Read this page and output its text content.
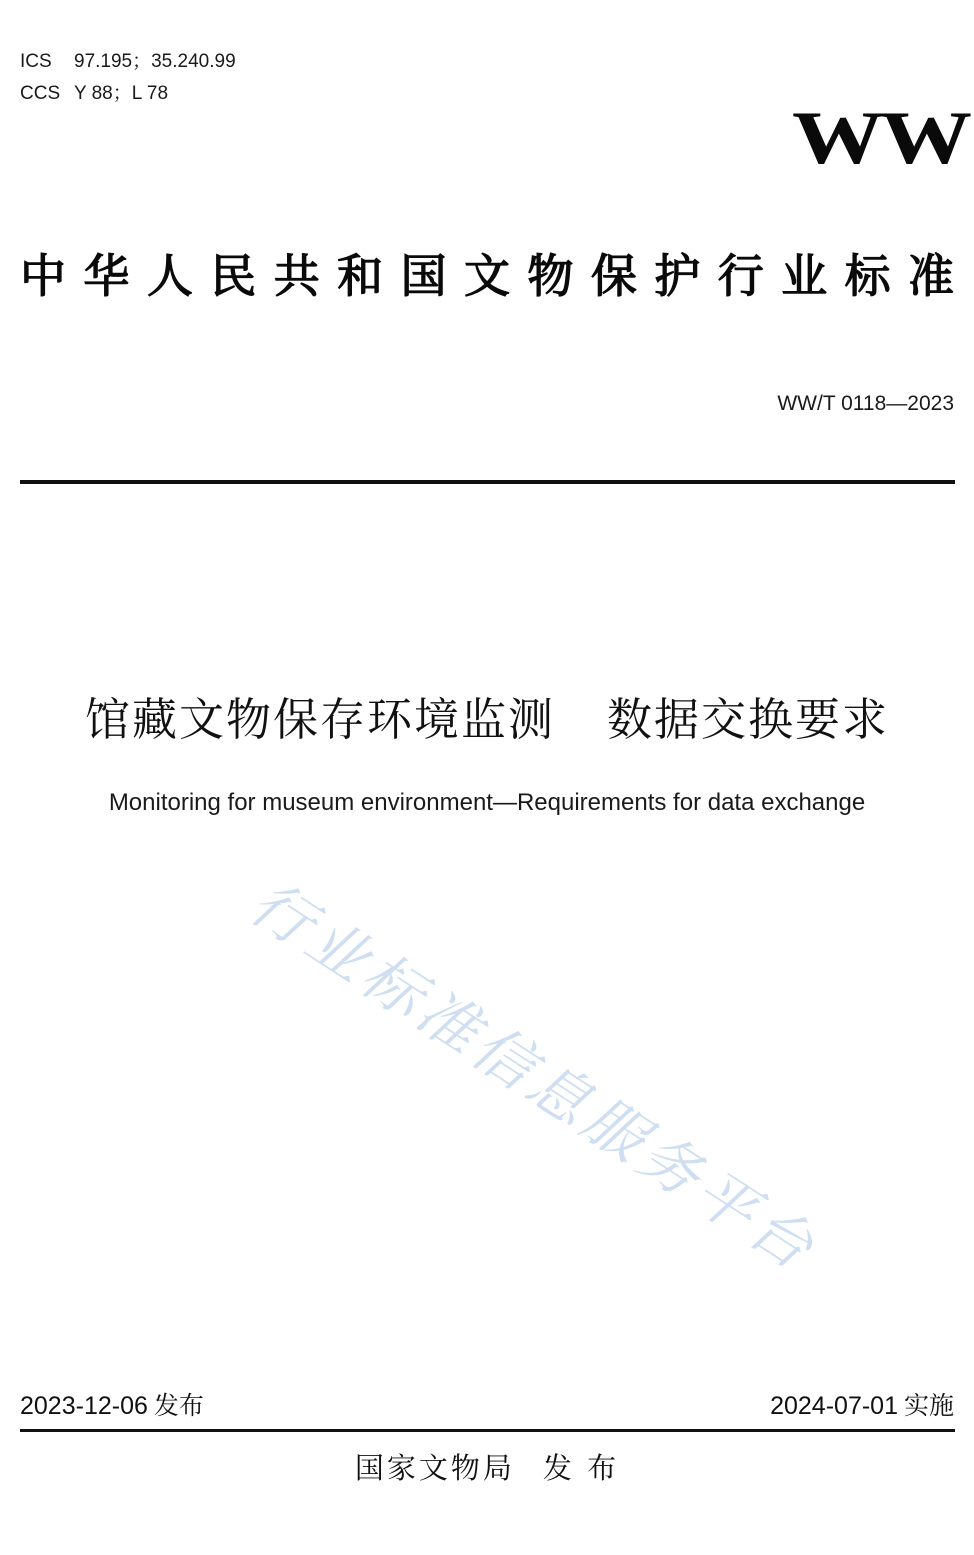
ICS 97.195；35.240.99
CCS Y 88；L 78
WW
中华人民共和国文物保护行业标准
WW/T 0118—2023
馆藏文物保存环境监测 数据交换要求
Monitoring for museum environment—Requirements for data exchange
行业标准信息服务平台
2023-12-06 发布	2024-07-01 实施
国家文物局 发 布
